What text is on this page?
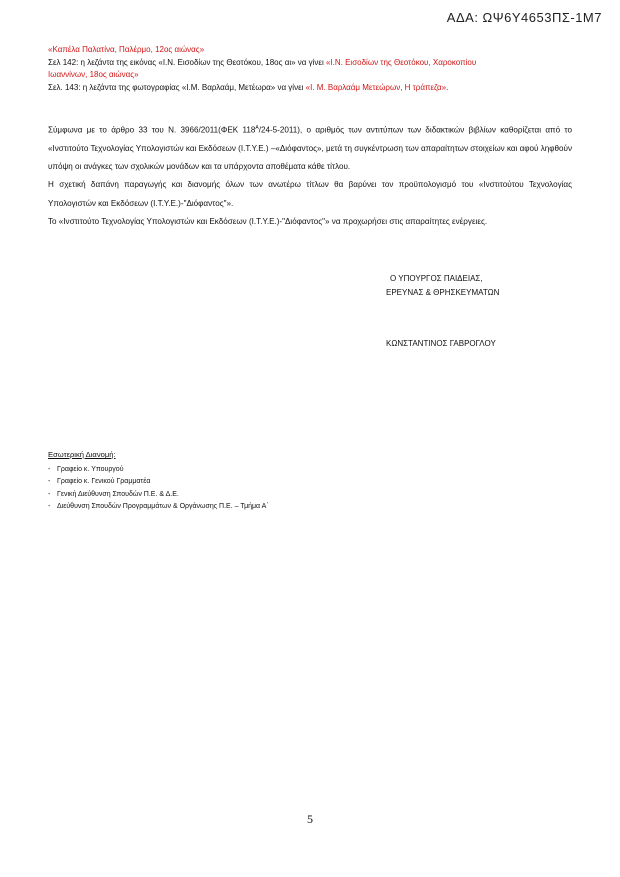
ΑΔΑ: ΩΨ6Υ4653ΠΣ-1Μ7

«Καπέλα Παλατίνα, Παλέρμο, 12ος αιώνας»

Σελ 142: η λεζάντα της εικόνας «Ι.Ν. Εισοδίων της Θεοτόκου, 18ος αι» να γίνει «Ι.Ν. Εισοδίων της Θεοτόκου, Χαροκοπίου

Ιωαννίνων, 18ος αιώνας»

Σελ. 143: η λεζάντα της φωτογραφίας «Ι.Μ. Βαρλαάμ, Μετέωρα» να γίνει «Ι. Μ. Βαρλαάμ Μετεώρων, Η τράπεζα».

Σύμφωνα με το άρθρο 33 του Ν. 3966/2011(ΦΕΚ $118^A/24-5-2011$), ο αριθμός των αντιτύπων των διδακτικών βιβλίων καθορίζεται από το «Ινστιτούτο Τεχνολογίας Υπολογιστών και Εκδόσεων (Ι.Τ.Υ.Ε.) –«Διόφαντος», μετά τη συγκέντρωση των απαραίτητων στοιχείων και αφού ληφθούν υπόψη οι ανάγκες των σχολικών μονάδων και τα υπάρχοντα αποθέματα κάθε τίτλου.

Η σχετική δαπάνη παραγωγής και διανομής όλων των ανωτέρω τίτλων θα βαρύνει τον προϋπολογισμό του «Ινστιτούτου Τεχνολογίας Υπολογιστών και Εκδόσεων (Ι.Τ.Υ.Ε.)-"Διόφαντος"».

Το «Ινστιτούτο Τεχνολογίας Υπολογιστών και Εκδόσεων (Ι.Τ.Υ.Ε.)-"Διόφαντος"» να προχωρήσει στις απαραίτητες ενέργειες.

Ο ΥΠΟΥΡΓΟΣ ΠΑΙΔΕΙΑΣ,
ΕΡΕΥΝΑΣ & ΘΡΗΣΚΕΥΜΑΤΩΝ
ΚΩΝΣΤΑΝΤΙΝΟΣ ΓΑΒΡΟΓΛΟΥ
Εσωτερική Διανομή:
- Γραφείο κ. Υπουργού
- Γραφείο κ. Γενικού Γραμματέα
- Γενική Διεύθυνση Σπουδών Π.Ε. & Δ.Ε.
- Διεύθυνση Σπουδών Προγραμμάτων & Οργάνωσης Π.Ε. – Τμήμα Α΄
5
